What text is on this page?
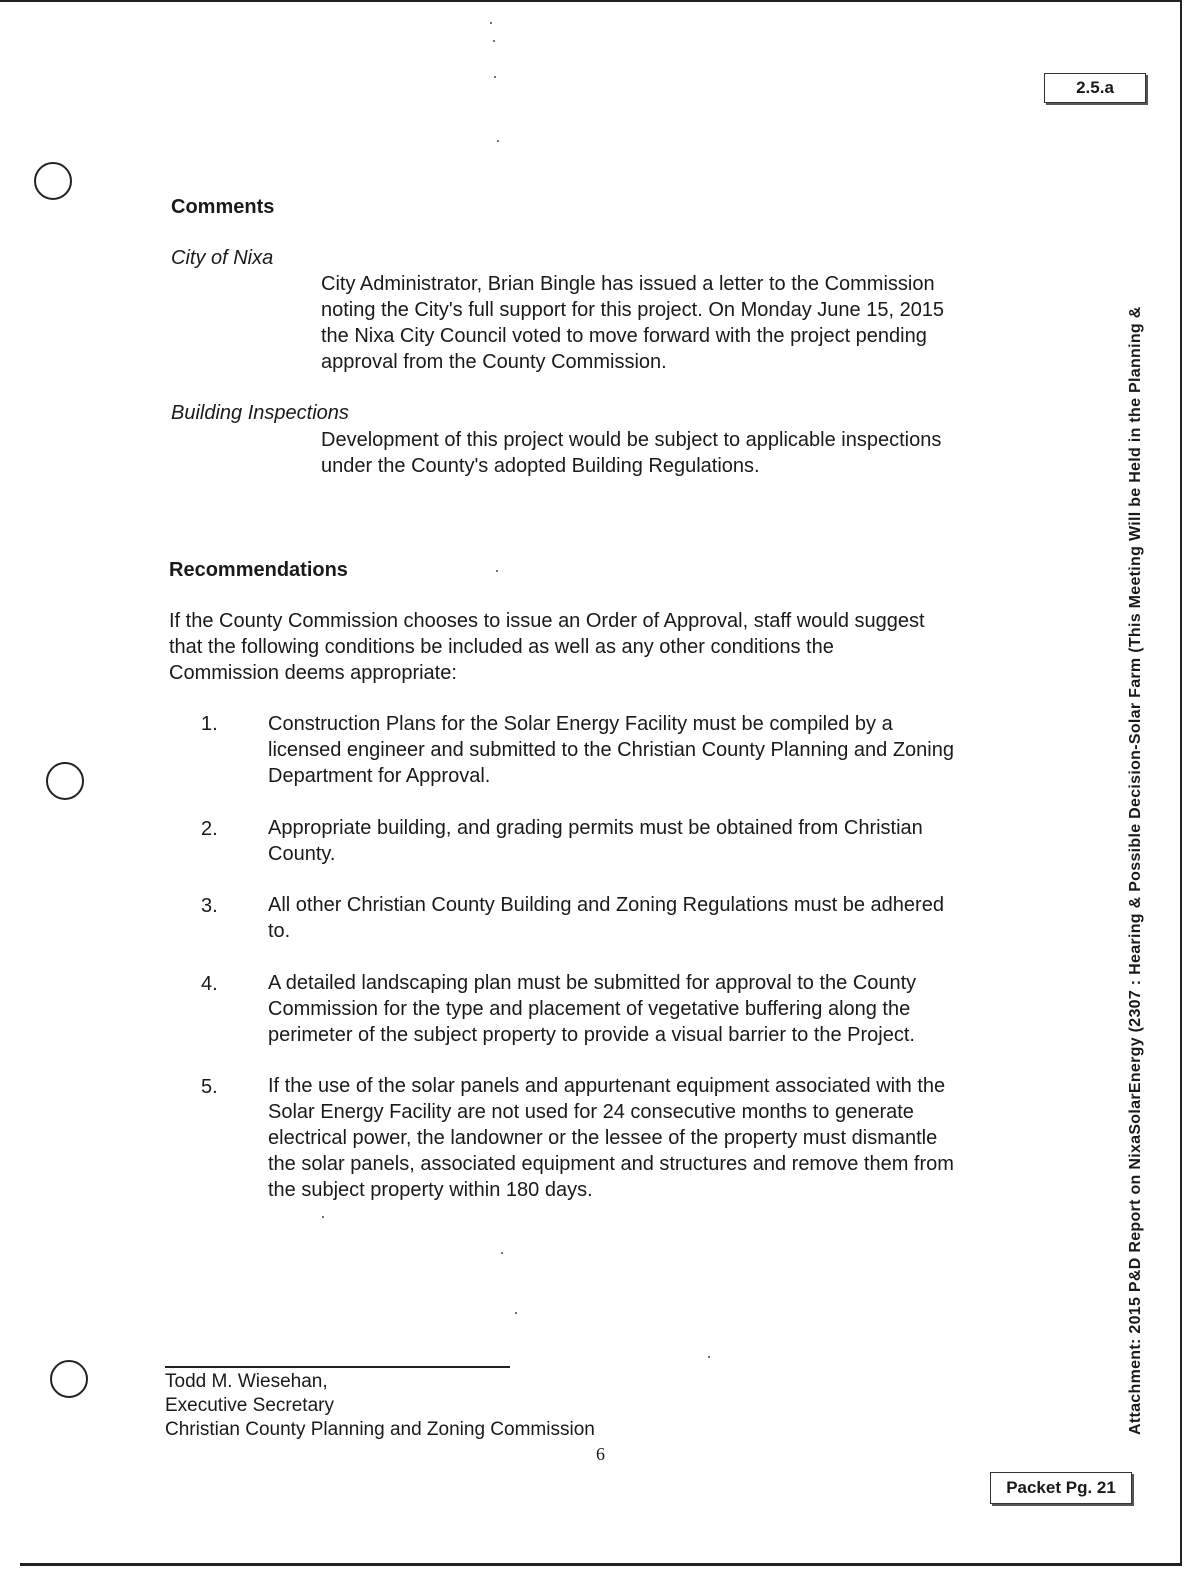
2.5.a
Attachment: 2015 P&D Report on NixaSolarEnergy (2307 : Hearing & Possible Decision-Solar Farm (This Meeting Will be Held in the Planning &
Comments
City of Nixa
City Administrator, Brian Bingle has issued a letter to the Commission
noting the City's full support for this project. On Monday June 15, 2015
the Nixa City Council voted to move forward with the project pending
approval from the County Commission.
Building Inspections
Development of this project would be subject to applicable inspections
under the County's adopted Building Regulations.
Recommendations
If the County Commission chooses to issue an Order of Approval, staff would suggest
that the following conditions be included as well as any other conditions the
Commission deems appropriate:
1.	Construction Plans for the Solar Energy Facility must be compiled by a
licensed engineer and submitted to the Christian County Planning and Zoning
Department for Approval.
2.	Appropriate building, and grading permits must be obtained from Christian
County.
3.	All other Christian County Building and Zoning Regulations must be adhered
to.
4.	A detailed landscaping plan must be submitted for approval to the County
Commission for the type and placement of vegetative buffering along the
perimeter of the subject property to provide a visual barrier to the Project.
5.	If the use of the solar panels and appurtenant equipment associated with the
Solar Energy Facility are not used for 24 consecutive months to generate
electrical power, the landowner or the lessee of the property must dismantle
the solar panels, associated equipment and structures and remove them from
the subject property within 180 days.
Todd M. Wiesehan,
Executive Secretary
Christian County Planning and Zoning Commission
6
Packet Pg. 21
